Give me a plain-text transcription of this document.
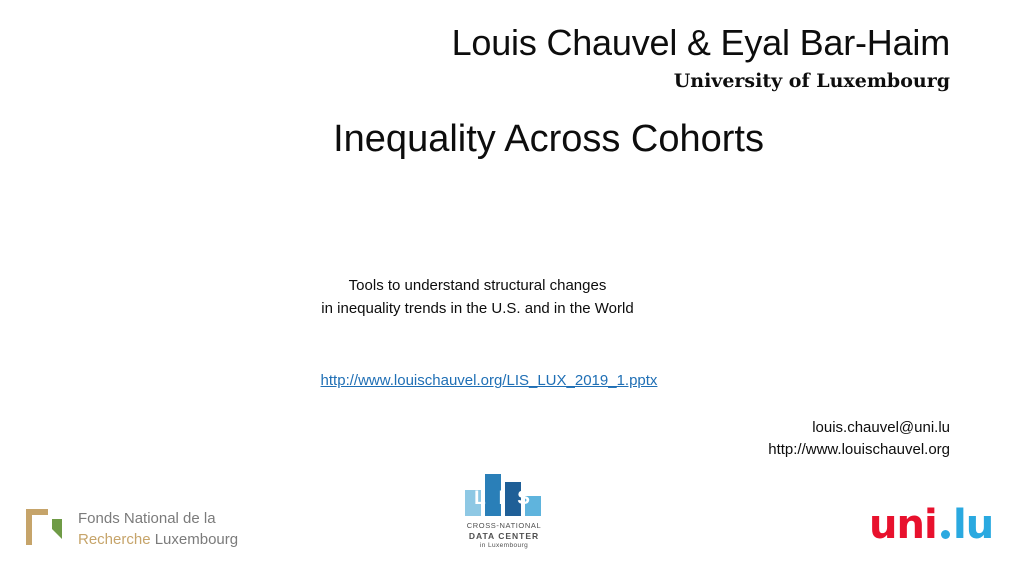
Louis Chauvel & Eyal Bar-Haim
University of Luxembourg
Inequality Across Cohorts
Tools to understand structural changes
in inequality trends in the U.S. and in the World
http://www.louischauvel.org/LIS_LUX_2019_1.pptx
louis.chauvel@uni.lu
http://www.louischauvel.org
Fonds National de la
Recherche Luxembourg
L I S
CROSS-NATIONAL
DATA CENTER
in Luxembourg	uni lu
